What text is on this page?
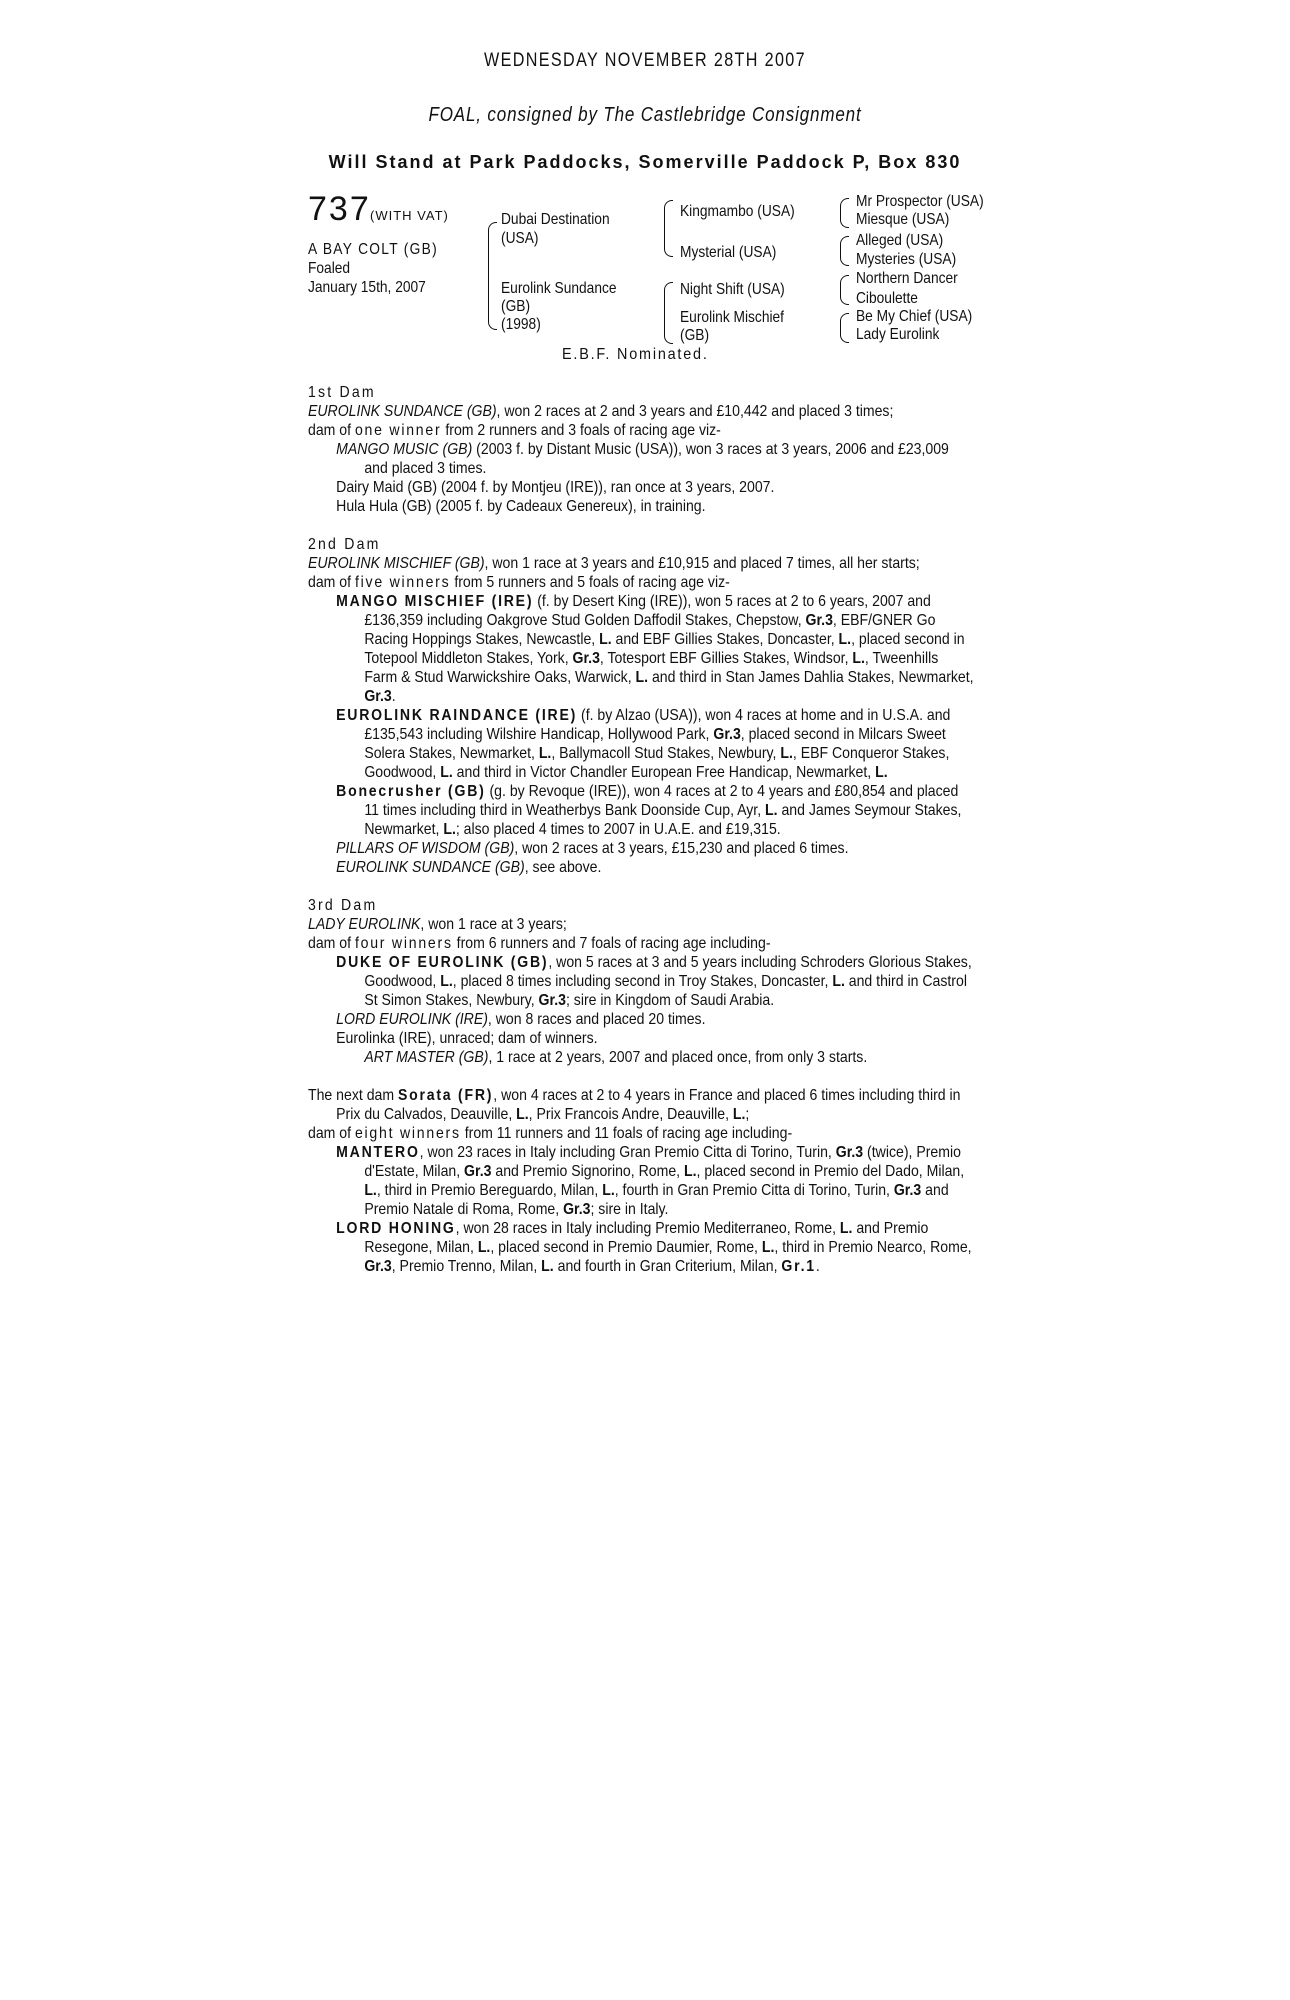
WEDNESDAY NOVEMBER 28TH 2007
FOAL, consigned by The Castlebridge Consignment
Will Stand at Park Paddocks, Somerville Paddock P, Box 830
737 (WITH VAT)
A BAY COLT (GB)
Foaled
January 15th, 2007
Dubai Destination
(USA)
Eurolink Sundance
(GB)
(1998)
Kingmambo (USA)
Mysterial (USA)
Night Shift (USA)
Eurolink Mischief
(GB)
Mr Prospector (USA)
Miesque (USA)
Alleged (USA)
Mysteries (USA)
Northern Dancer
Ciboulette
Be My Chief (USA)
Lady Eurolink
E.B.F. Nominated.
1st Dam

EUROLINK SUNDANCE (GB), won 2 races at 2 and 3 years and £10,442 and placed 3 times;

dam of one winner from 2 runners and 3 foals of racing age viz-

MANGO MUSIC (GB) (2003 f. by Distant Music (USA)), won 3 races at 3 years, 2006 and £23,009 and placed 3 times.

Dairy Maid (GB) (2004 f. by Montjeu (IRE)), ran once at 3 years, 2007.

Hula Hula (GB) (2005 f. by Cadeaux Genereux), in training.

2nd Dam

EUROLINK MISCHIEF (GB), won 1 race at 3 years and £10,915 and placed 7 times, all her starts;

dam of five winners from 5 runners and 5 foals of racing age viz-

MANGO MISCHIEF (IRE) (f. by Desert King (IRE)), won 5 races at 2 to 6 years, 2007 and £136,359 including Oakgrove Stud Golden Daffodil Stakes, Chepstow, Gr.3, EBF/GNER Go Racing Hoppings Stakes, Newcastle, L. and EBF Gillies Stakes, Doncaster, L., placed second in Totepool Middleton Stakes, York, Gr.3, Totesport EBF Gillies Stakes, Windsor, L., Tweenhills Farm & Stud Warwickshire Oaks, Warwick, L. and third in Stan James Dahlia Stakes, Newmarket, Gr.3.

EUROLINK RAINDANCE (IRE) (f. by Alzao (USA)), won 4 races at home and in U.S.A. and £135,543 including Wilshire Handicap, Hollywood Park, Gr.3, placed second in Milcars Sweet Solera Stakes, Newmarket, L., Ballymacoll Stud Stakes, Newbury, L., EBF Conqueror Stakes, Goodwood, L. and third in Victor Chandler European Free Handicap, Newmarket, L.

Bonecrusher (GB) (g. by Revoque (IRE)), won 4 races at 2 to 4 years and £80,854 and placed 11 times including third in Weatherbys Bank Doonside Cup, Ayr, L. and James Seymour Stakes, Newmarket, L.; also placed 4 times to 2007 in U.A.E. and £19,315.

PILLARS OF WISDOM (GB), won 2 races at 3 years, £15,230 and placed 6 times.

EUROLINK SUNDANCE (GB), see above.

3rd Dam

LADY EUROLINK, won 1 race at 3 years;

dam of four winners from 6 runners and 7 foals of racing age including-

DUKE OF EUROLINK (GB), won 5 races at 3 and 5 years including Schroders Glorious Stakes, Goodwood, L., placed 8 times including second in Troy Stakes, Doncaster, L. and third in Castrol St Simon Stakes, Newbury, Gr.3; sire in Kingdom of Saudi Arabia.

LORD EUROLINK (IRE), won 8 races and placed 20 times.

Eurolinka (IRE), unraced; dam of winners.

ART MASTER (GB), 1 race at 2 years, 2007 and placed once, from only 3 starts.

The next dam Sorata (FR), won 4 races at 2 to 4 years in France and placed 6 times including third in Prix du Calvados, Deauville, L., Prix Francois Andre, Deauville, L.;

dam of eight winners from 11 runners and 11 foals of racing age including-

MANTERO, won 23 races in Italy including Gran Premio Citta di Torino, Turin, Gr.3 (twice), Premio d'Estate, Milan, Gr.3 and Premio Signorino, Rome, L., placed second in Premio del Dado, Milan, L., third in Premio Bereguardo, Milan, L., fourth in Gran Premio Citta di Torino, Turin, Gr.3 and Premio Natale di Roma, Rome, Gr.3; sire in Italy.

LORD HONING, won 28 races in Italy including Premio Mediterraneo, Rome, L. and Premio Resegone, Milan, L., placed second in Premio Daumier, Rome, L., third in Premio Nearco, Rome, Gr.3, Premio Trenno, Milan, L. and fourth in Gran Criterium, Milan, Gr.1.
